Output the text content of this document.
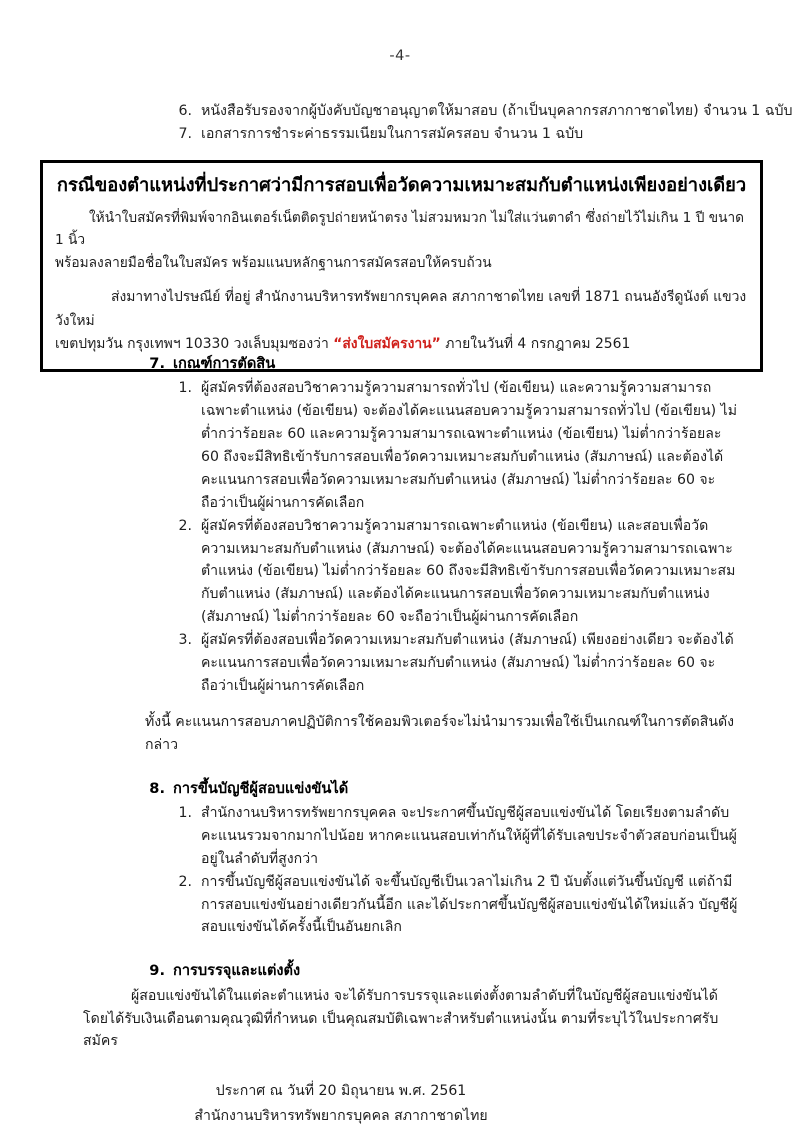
-4-
6. หนังสือรับรองจากผู้บังคับบัญชาอนุญาตให้มาสอบ (ถ้าเป็นบุคลากรสภากาชาดไทย) จำนวน 1 ฉบับ
7. เอกสารการชำระค่าธรรมเนียมในการสมัครสอบ จำนวน 1 ฉบับ
กรณีของตำแหน่งที่ประกาศว่ามีการสอบเพื่อวัดความเหมาะสมกับตำแหน่งเพียงอย่างเดียว
ให้นำใบสมัครที่พิมพ์จากอินเตอร์เน็ตติดรูปถ่ายหน้าตรง ไม่สวมหมวก ไม่ใส่แว่นตาดำ ซึ่งถ่ายไว้ไม่เกิน 1 ปี ขนาด 1 นิ้ว
พร้อมลงลายมือชื่อในใบสมัคร พร้อมแนบหลักฐานการสมัครสอบให้ครบถ้วน
ส่งมาทางไปรษณีย์ ที่อยู่ สำนักงานบริหารทรัพยากรบุคคล สภากาชาดไทย เลขที่ 1871 ถนนอังรีดูนังต์ แขวงวังใหม่
เขตปทุมวัน กรุงเทพฯ 10330 วงเล็บมุมซองว่า “ส่งใบสมัครงาน” ภายในวันที่ 4 กรกฎาคม 2561
7. เกณฑ์การตัดสิน
1. ผู้สมัครที่ต้องสอบวิชาความรู้ความสามารถทั่วไป (ข้อเขียน) และความรู้ความสามารถเฉพาะตำแหน่ง (ข้อเขียน) จะต้องได้คะแนนสอบความรู้ความสามารถทั่วไป (ข้อเขียน) ไม่ต่ำกว่าร้อยละ 60 และความรู้ความสามารถเฉพาะตำแหน่ง (ข้อเขียน) ไม่ต่ำกว่าร้อยละ 60 ถึงจะมีสิทธิเข้ารับการสอบเพื่อวัดความเหมาะสมกับตำแหน่ง (สัมภาษณ์) และต้องได้คะแนนการสอบเพื่อวัดความเหมาะสมกับตำแหน่ง (สัมภาษณ์) ไม่ต่ำกว่าร้อยละ 60 จะถือว่าเป็นผู้ผ่านการคัดเลือก
2. ผู้สมัครที่ต้องสอบวิชาความรู้ความสามารถเฉพาะตำแหน่ง (ข้อเขียน) และสอบเพื่อวัดความเหมาะสมกับตำแหน่ง (สัมภาษณ์) จะต้องได้คะแนนสอบความรู้ความสามารถเฉพาะตำแหน่ง (ข้อเขียน) ไม่ต่ำกว่าร้อยละ 60 ถึงจะมีสิทธิเข้ารับการสอบเพื่อวัดความเหมาะสมกับตำแหน่ง (สัมภาษณ์) และต้องได้คะแนนการสอบเพื่อวัดความเหมาะสมกับตำแหน่ง (สัมภาษณ์) ไม่ต่ำกว่าร้อยละ 60 จะถือว่าเป็นผู้ผ่านการคัดเลือก
3. ผู้สมัครที่ต้องสอบเพื่อวัดความเหมาะสมกับตำแหน่ง (สัมภาษณ์) เพียงอย่างเดียว จะต้องได้คะแนนการสอบเพื่อวัดความเหมาะสมกับตำแหน่ง (สัมภาษณ์) ไม่ต่ำกว่าร้อยละ 60 จะถือว่าเป็นผู้ผ่านการคัดเลือก
ทั้งนี้ คะแนนการสอบภาคปฏิบัติการใช้คอมพิวเตอร์จะไม่นำมารวมเพื่อใช้เป็นเกณฑ์ในการตัดสินดังกล่าว
8. การขึ้นบัญชีผู้สอบแข่งขันได้
1. สำนักงานบริหารทรัพยากรบุคคล จะประกาศขึ้นบัญชีผู้สอบแข่งขันได้ โดยเรียงตามลำดับคะแนนรวมจากมากไปน้อย หากคะแนนสอบเท่ากันให้ผู้ที่ได้รับเลขประจำตัวสอบก่อนเป็นผู้อยู่ในลำดับที่สูงกว่า
2. การขึ้นบัญชีผู้สอบแข่งขันได้ จะขึ้นบัญชีเป็นเวลาไม่เกิน 2 ปี นับตั้งแต่วันขึ้นบัญชี แต่ถ้ามีการสอบแข่งขันอย่างเดียวกันนี้อีก และได้ประกาศขึ้นบัญชีผู้สอบแข่งขันได้ใหม่แล้ว บัญชีผู้สอบแข่งขันได้ครั้งนี้เป็นอันยกเลิก
9. การบรรจุและแต่งตั้ง
ผู้สอบแข่งขันได้ในแต่ละตำแหน่ง จะได้รับการบรรจุและแต่งตั้งตามลำดับที่ในบัญชีผู้สอบแข่งขันได้ โดยได้รับเงินเดือนตามคุณวุฒิที่กำหนด เป็นคุณสมบัติเฉพาะสำหรับตำแหน่งนั้น ตามที่ระบุไว้ในประกาศรับสมัคร
ประกาศ ณ วันที่ 20 มิถุนายน พ.ศ. 2561
สำนักงานบริหารทรัพยากรบุคคล สภากาชาดไทย
